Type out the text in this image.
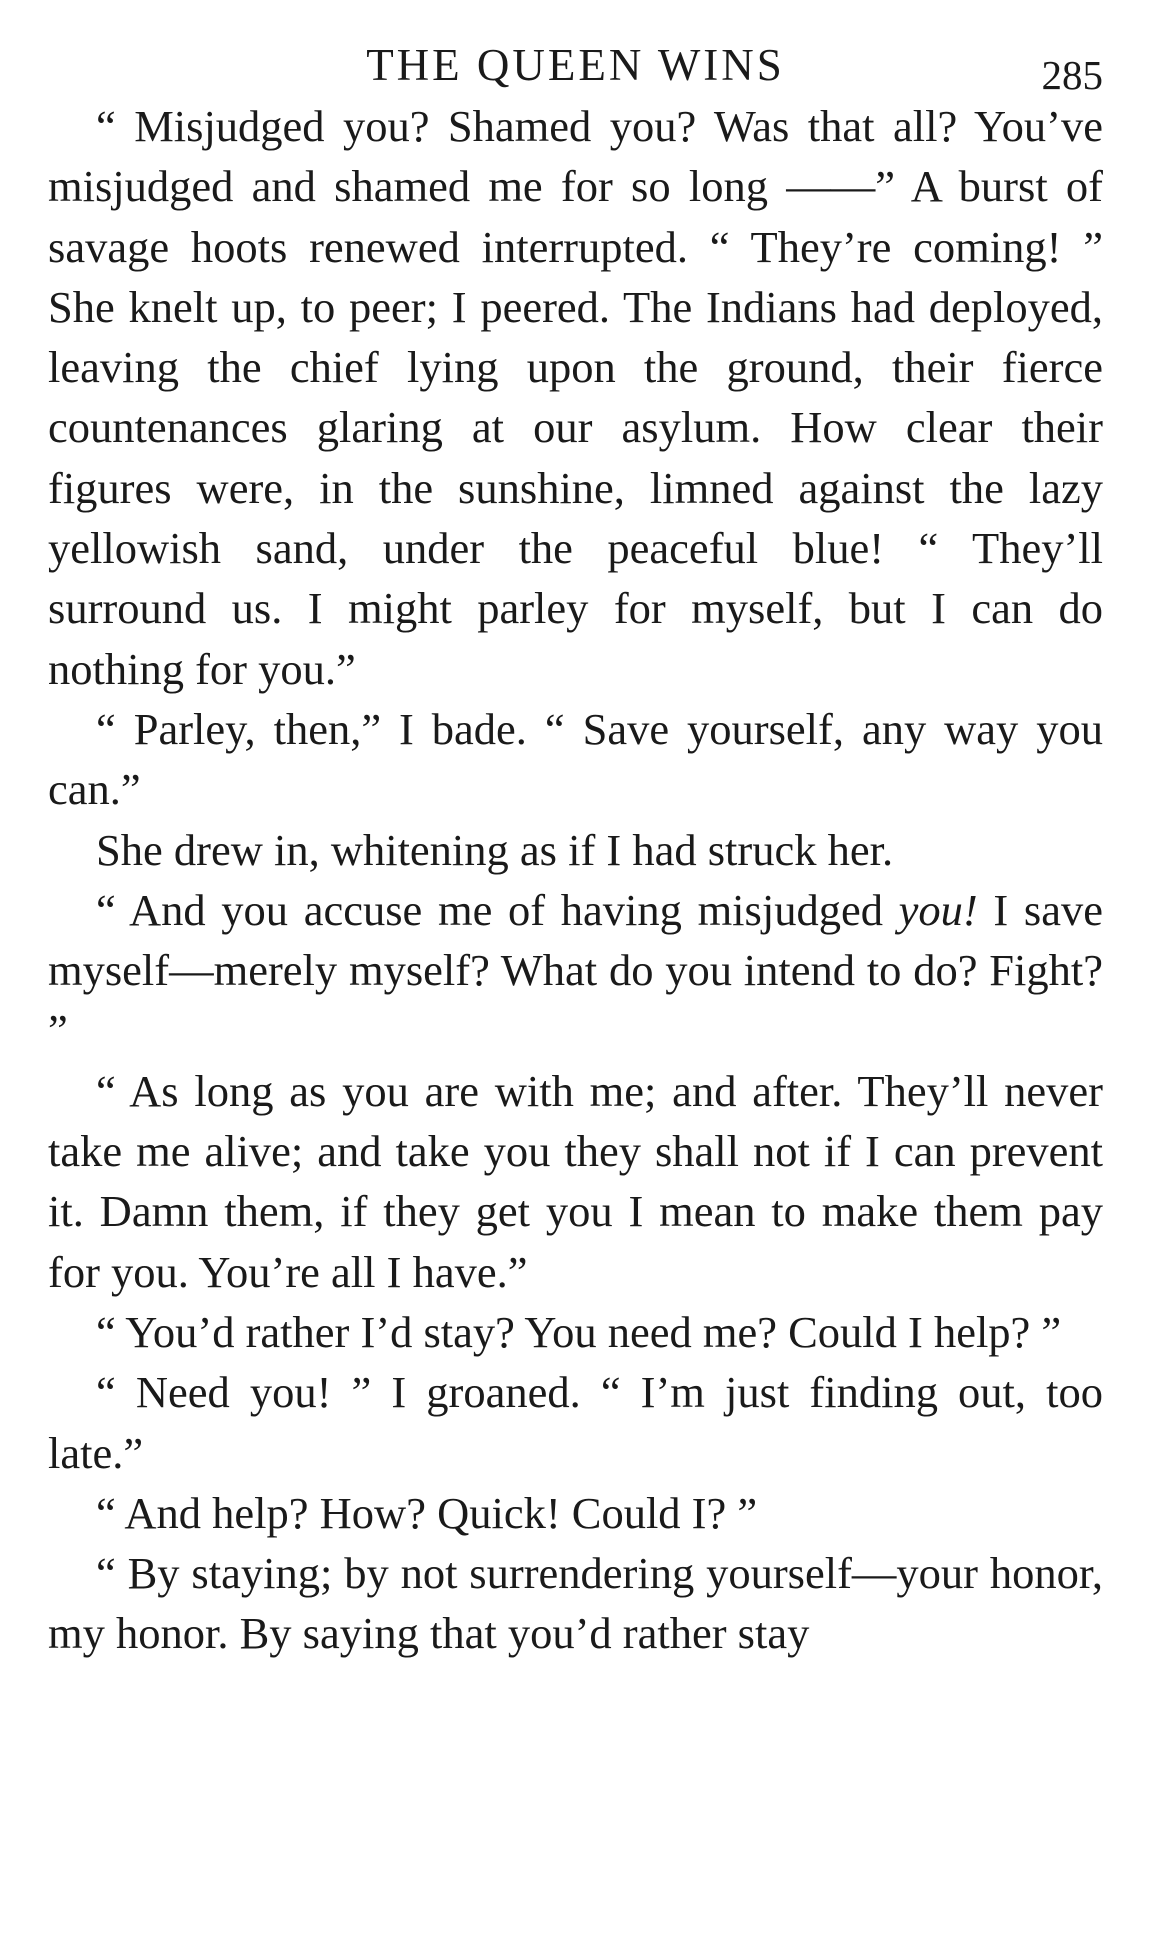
THE QUEEN WINS	285

“ Misjudged you? Shamed you? Was that all? You’ve misjudged and shamed me for so long ——” A burst of savage hoots renewed interrupted. “ They’re coming! ” She knelt up, to peer; I peered. The Indians had deployed, leaving the chief lying upon the ground, their fierce countenances glaring at our asylum. How clear their figures were, in the sunshine, limned against the lazy yellowish sand, under the peaceful blue! “ They’ll surround us. I might parley for myself, but I can do nothing for you.”

“ Parley, then,” I bade. “ Save yourself, any way you can.”

She drew in, whitening as if I had struck her.

“ And you accuse me of having misjudged you! I save myself—merely myself? What do you intend to do? Fight? ”

“ As long as you are with me; and after. They’ll never take me alive; and take you they shall not if I can prevent it. Damn them, if they get you I mean to make them pay for you. You’re all I have.”

“ You’d rather I’d stay? You need me? Could I help? ”

“ Need you! ” I groaned. “ I’m just finding out, too late.”

“ And help? How? Quick! Could I? ”

“ By staying; by not surrendering yourself—your honor, my honor. By saying that you’d rather stay
